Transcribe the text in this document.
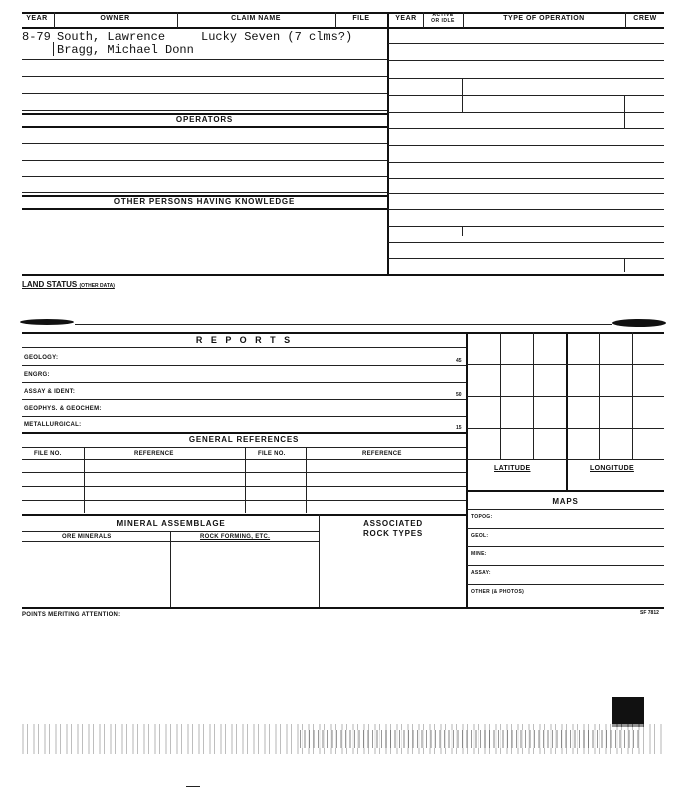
YEAR	OWNER	CLAIM NAME	FILE	YEAR	ACTIVE
OR IDLE	TYPE OF OPERATION	CREW
8-79 South, Lawrence	Lucky Seven (7 clms?)
Bragg, Michael Donn
OPERATORS
OTHER PERSONS HAVING KNOWLEDGE
LAND STATUS (OTHER DATA)
R E P O R T S
GEOLOGY:	45
ENGRG:
ASSAY & IDENT:	50
GEOPHYS. & GEOCHEM:
METALLURGICAL:	15
GENERAL REFERENCES
FILE NO.	REFERENCE	FILE NO.	REFERENCE
MINERAL ASSEMBLAGE	ASSOCIATED
ROCK TYPES
ORE MINERALS	ROCK FORMING, ETC.
LATITUDE	LONGITUDE
MAPS
TOPOG:
GEOL:
MINE:
ASSAY:
OTHER (& PHOTOS)
POINTS MERITING ATTENTION:	SF 7812
